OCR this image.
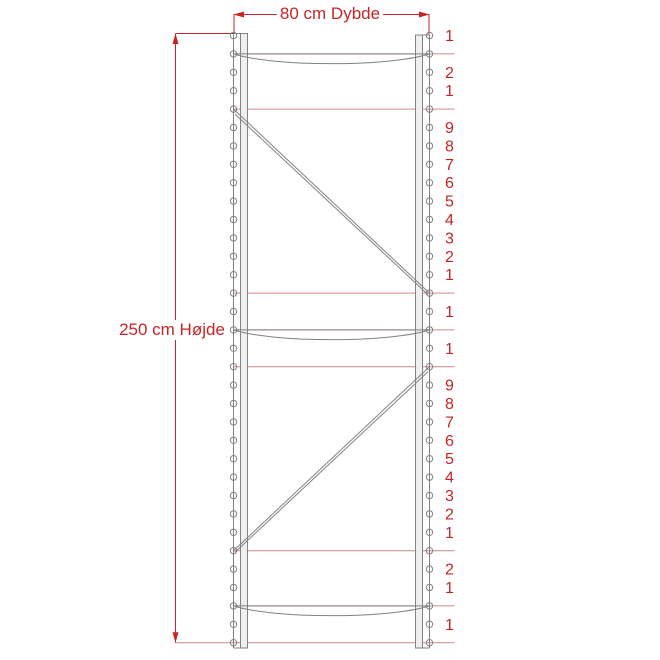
1
2
1
9
8
7
6
5
4
3
2
1
1
1
9
8
7
6
5
4
3
2
1
2
1
1
80 cm Dybde
250 cm Højde
